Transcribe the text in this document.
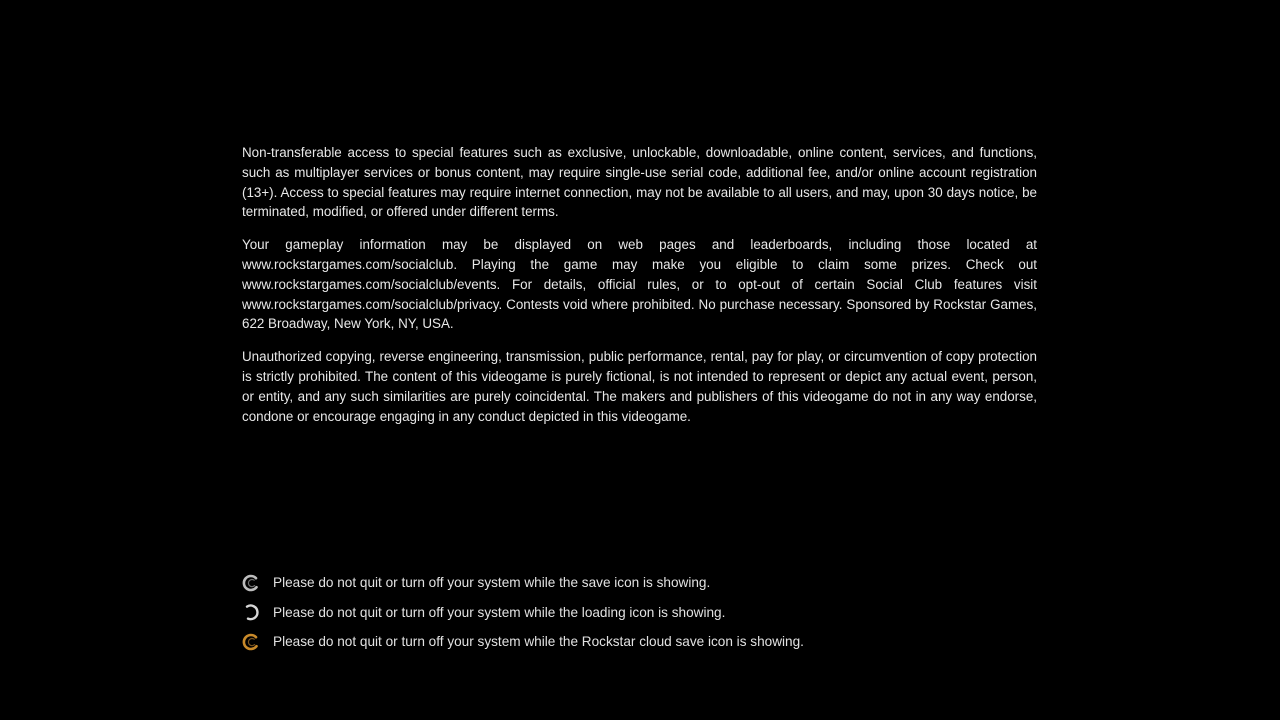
Non-transferable access to special features such as exclusive, unlockable, downloadable, online content, services, and functions, such as multiplayer services or bonus content, may require single-use serial code, additional fee, and/or online account registration (13+). Access to special features may require internet connection, may not be available to all users, and may, upon 30 days notice, be terminated, modified, or offered under different terms.

Your gameplay information may be displayed on web pages and leaderboards, including those located at www.rockstargames.com/socialclub. Playing the game may make you eligible to claim some prizes. Check out www.rockstargames.com/socialclub/events. For details, official rules, or to opt-out of certain Social Club features visit www.rockstargames.com/socialclub/privacy. Contests void where prohibited. No purchase necessary. Sponsored by Rockstar Games, 622 Broadway, New York, NY, USA.

Unauthorized copying, reverse engineering, transmission, public performance, rental, pay for play, or circumvention of copy protection is strictly prohibited. The content of this videogame is purely fictional, is not intended to represent or depict any actual event, person, or entity, and any such similarities are purely coincidental. The makers and publishers of this videogame do not in any way endorse, condone or encourage engaging in any conduct depicted in this videogame.

Please do not quit or turn off your system while the save icon is showing.
Please do not quit or turn off your system while the loading icon is showing.
Please do not quit or turn off your system while the Rockstar cloud save icon is showing.
